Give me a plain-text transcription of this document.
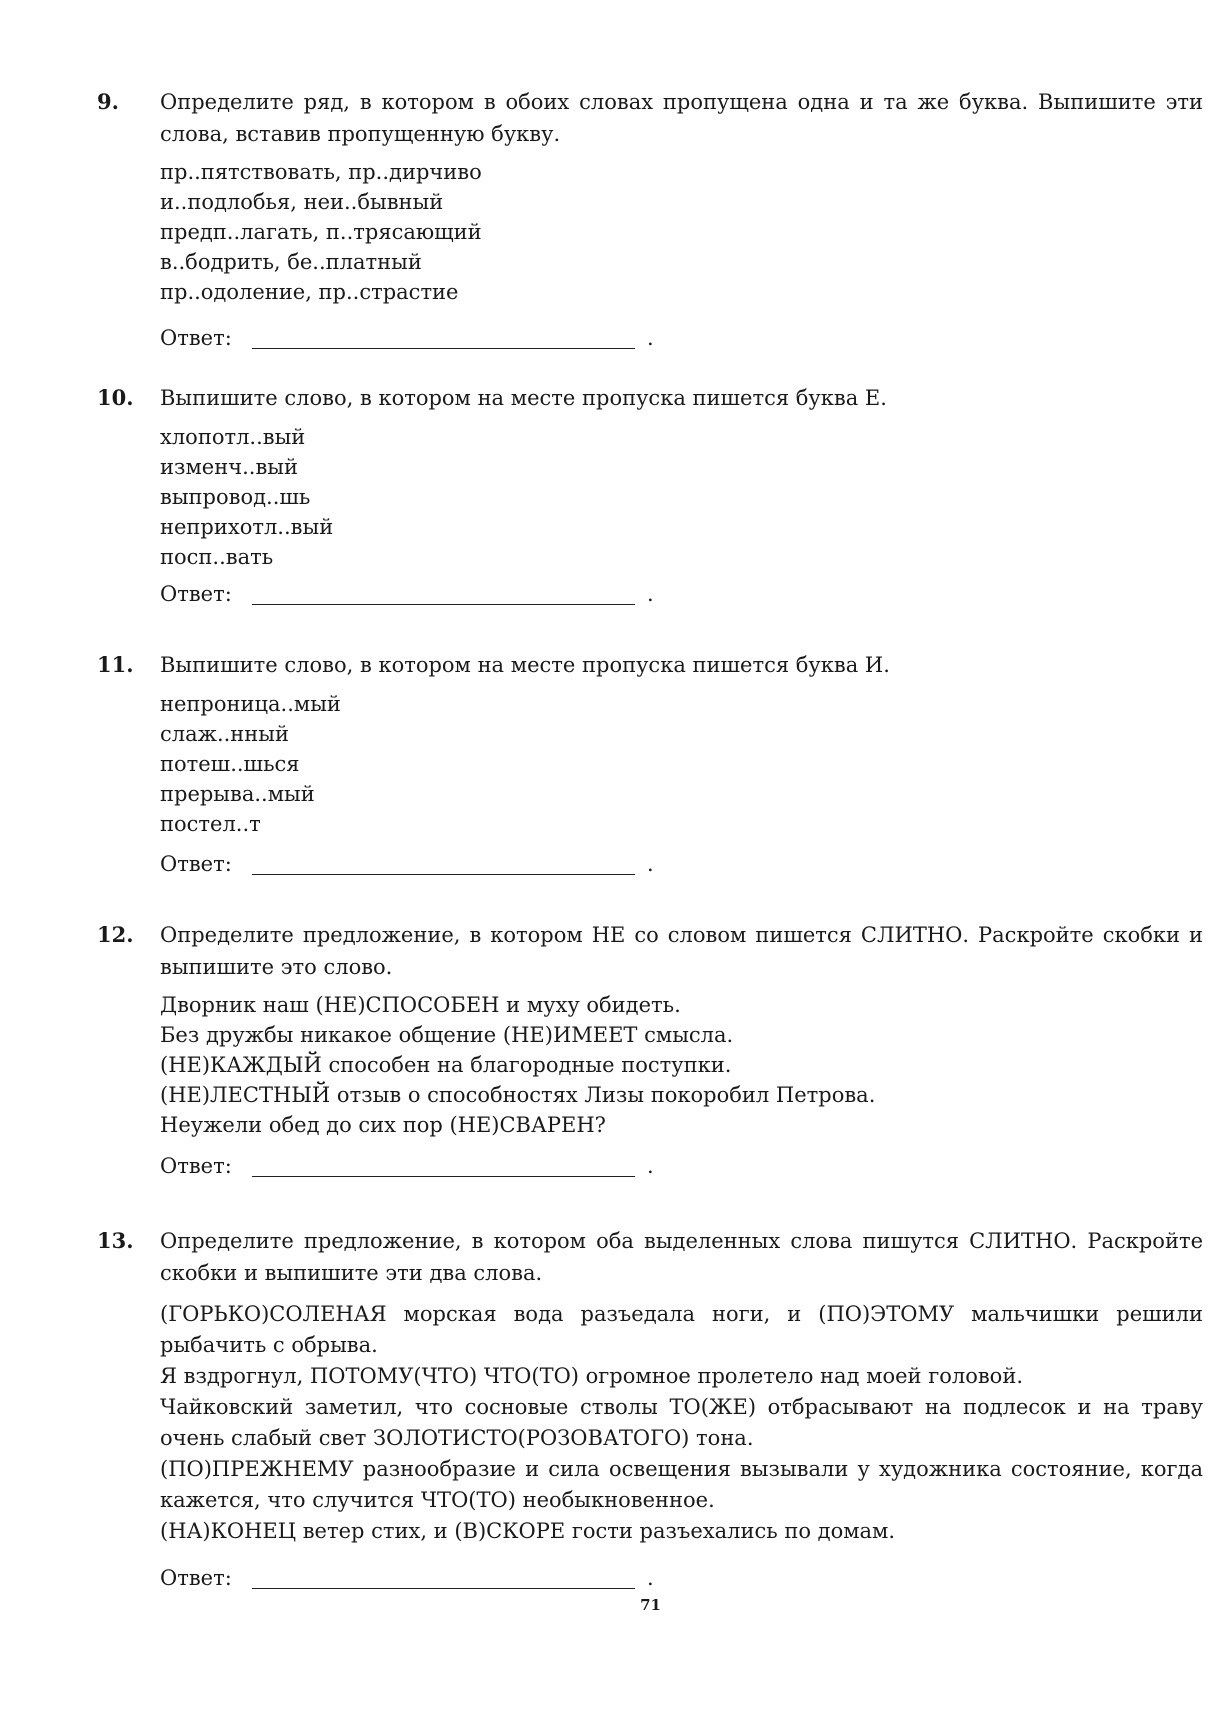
9. Определите ряд, в котором в обоих словах пропущена одна и та же буква. Выпишите эти слова, вставив пропущенную букву.
пр..пятствовать, пр..дирчиво
и..подлобья, неи..бывный
предп..лагать, п..трясающий
в..бодрить, бе..платный
пр..одоление, пр..страстие
Ответ:	.
10. Выпишите слово, в котором на месте пропуска пишется буква Е.
хлопотл..вый
изменч..вый
выпровод..шь
неприхотл..вый
посп..вать
Ответ:	.
11. Выпишите слово, в котором на месте пропуска пишется буква И.
непроница..мый
слаж..нный
потеш..шься
прерыва..мый
постел..т
Ответ:	.
12. Определите предложение, в котором НЕ со словом пишется СЛИТНО. Раскройте скобки и выпишите это слово.
Дворник наш (НЕ)СПОСОБЕН и муху обидеть.
Без дружбы никакое общение (НЕ)ИМЕЕТ смысла.
(НЕ)КАЖДЫЙ способен на благородные поступки.
(НЕ)ЛЕСТНЫЙ отзыв о способностях Лизы покоробил Петрова.
Неужели обед до сих пор (НЕ)СВАРЕН?
Ответ:	.
13. Определите предложение, в котором оба выделенных слова пишутся СЛИТНО. Раскройте скобки и выпишите эти два слова.
(ГОРЬКО)СОЛЕНАЯ морская вода разъедала ноги, и (ПО)ЭТОМУ мальчишки решили рыбачить с обрыва.
Я вздрогнул, ПОТОМУ(ЧТО) ЧТО(ТО) огромное пролетело над моей головой.
Чайковский заметил, что сосновые стволы ТО(ЖЕ) отбрасывают на подлесок и на траву очень слабый свет ЗОЛОТИСТО(РОЗОВАТОГО) тона.
(ПО)ПРЕЖНЕМУ разнообразие и сила освещения вызывали у художника состояние, когда кажется, что случится ЧТО(ТО) необыкновенное.
(НА)КОНЕЦ ветер стих, и (В)СКОРЕ гости разъехались по домам.
Ответ:	.
71
